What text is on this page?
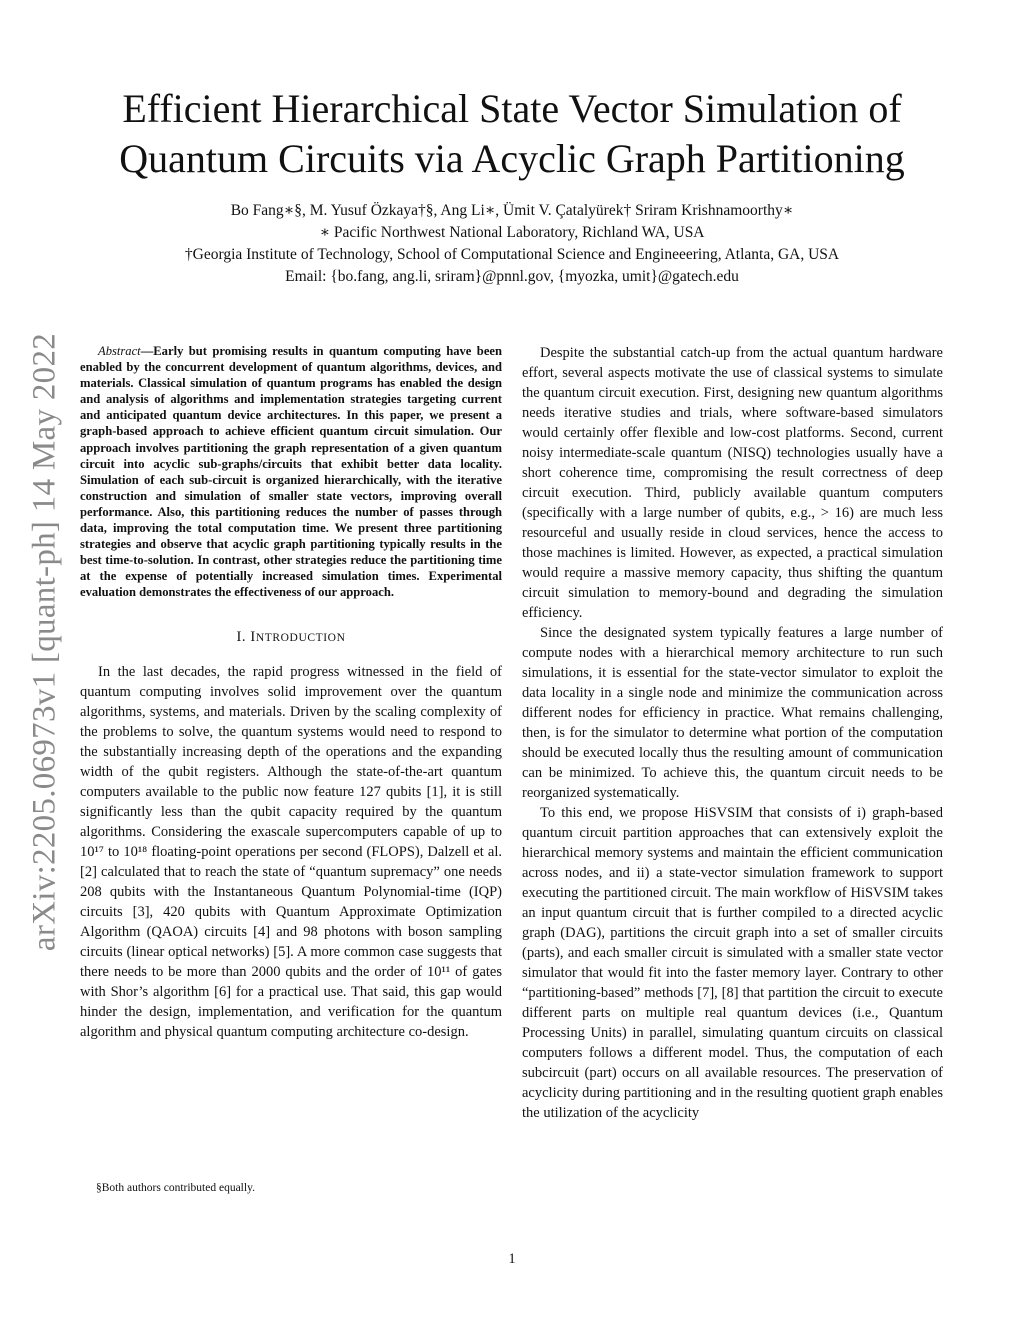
Efficient Hierarchical State Vector Simulation of
Quantum Circuits via Acyclic Graph Partitioning
Bo Fang∗§, M. Yusuf Özkaya†§, Ang Li∗, Ümit V. Çatalyürek† Sriram Krishnamoorthy∗
∗ Pacific Northwest National Laboratory, Richland WA, USA
†Georgia Institute of Technology, School of Computational Science and Engineeering, Atlanta, GA, USA
Email: {bo.fang, ang.li, sriram}@pnnl.gov, {myozka, umit}@gatech.edu
arXiv:2205.06973v1 [quant-ph] 14 May 2022	Abstract—Early but promising results in quantum computing have been enabled by the concurrent development of quantum algorithms, devices, and materials. Classical simulation of quantum programs has enabled the design and analysis of algorithms and implementation strategies targeting current and anticipated quantum device architectures. In this paper, we present a graph-based approach to achieve efficient quantum circuit simulation. Our approach involves partitioning the graph representation of a given quantum circuit into acyclic sub-graphs/circuits that exhibit better data locality. Simulation of each sub-circuit is organized hierarchically, with the iterative construction and simulation of smaller state vectors, improving overall performance. Also, this partitioning reduces the number of passes through data, improving the total computation time. We present three partitioning strategies and observe that acyclic graph partitioning typically results in the best time-to-solution. In contrast, other strategies reduce the partitioning time at the expense of potentially increased simulation times. Experimental evaluation demonstrates the effectiveness of our approach.

I. INTRODUCTION

In the last decades, the rapid progress witnessed in the field of quantum computing involves solid improvement over the quantum algorithms, systems, and materials. Driven by the scaling complexity of the problems to solve, the quantum systems would need to respond to the substantially increasing depth of the operations and the expanding width of the qubit registers. Although the state-of-the-art quantum computers available to the public now feature 127 qubits [1], it is still significantly less than the qubit capacity required by the quantum algorithms. Considering the exascale supercomputers capable of up to 10¹⁷ to 10¹⁸ floating-point operations per second (FLOPS), Dalzell et al. [2] calculated that to reach the state of “quantum supremacy” one needs 208 qubits with the Instantaneous Quantum Polynomial-time (IQP) circuits [3], 420 qubits with Quantum Approximate Optimization Algorithm (QAOA) circuits [4] and 98 photons with boson sampling circuits (linear optical networks) [5]. A more common case suggests that there needs to be more than 2000 qubits and the order of 10¹¹ of gates with Shor’s algorithm [6] for a practical use. That said, this gap would hinder the design, implementation, and verification for the quantum algorithm and physical quantum computing architecture co-design.

§Both authors contributed equally.

Despite the substantial catch-up from the actual quantum hardware effort, several aspects motivate the use of classical systems to simulate the quantum circuit execution. First, designing new quantum algorithms needs iterative studies and trials, where software-based simulators would certainly offer flexible and low-cost platforms. Second, current noisy intermediate-scale quantum (NISQ) technologies usually have a short coherence time, compromising the result correctness of deep circuit execution. Third, publicly available quantum computers (specifically with a large number of qubits, e.g., > 16) are much less resourceful and usually reside in cloud services, hence the access to those machines is limited. However, as expected, a practical simulation would require a massive memory capacity, thus shifting the quantum circuit simulation to memory-bound and degrading the simulation efficiency.

Since the designated system typically features a large number of compute nodes with a hierarchical memory architecture to run such simulations, it is essential for the state-vector simulator to exploit the data locality in a single node and minimize the communication across different nodes for efficiency in practice. What remains challenging, then, is for the simulator to determine what portion of the computation should be executed locally thus the resulting amount of communication can be minimized. To achieve this, the quantum circuit needs to be reorganized systematically.

To this end, we propose HiSVSIM that consists of i) graph-based quantum circuit partition approaches that can extensively exploit the hierarchical memory systems and maintain the efficient communication across nodes, and ii) a state-vector simulation framework to support executing the partitioned circuit. The main workflow of HiSVSIM takes an input quantum circuit that is further compiled to a directed acyclic graph (DAG), partitions the circuit graph into a set of smaller circuits (parts), and each smaller circuit is simulated with a smaller state vector simulator that would fit into the faster memory layer. Contrary to other “partitioning-based” methods [7], [8] that partition the circuit to execute different parts on multiple real quantum devices (i.e., Quantum Processing Units) in parallel, simulating quantum circuits on classical computers follows a different model. Thus, the computation of each subcircuit (part) occurs on all available resources. The preservation of acyclicity during partitioning and in the resulting quotient graph enables the utilization of the acyclicity

1
